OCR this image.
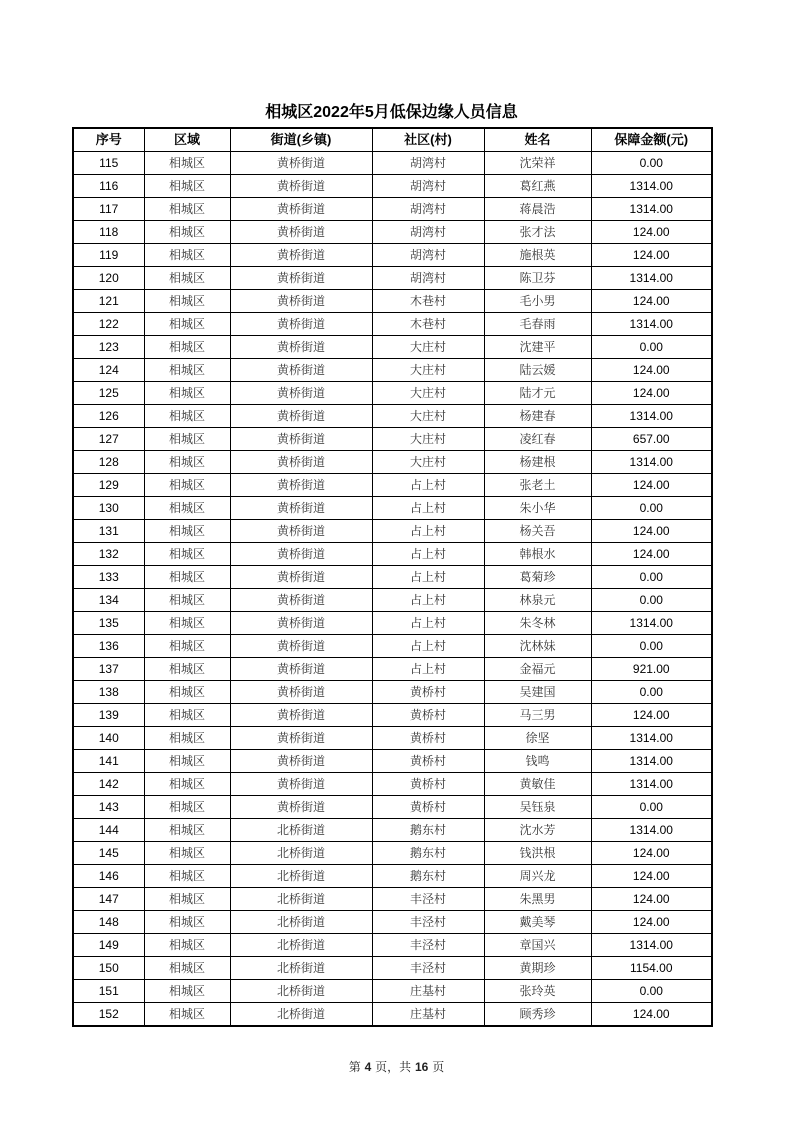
相城区2022年5月低保边缘人员信息
序号	区域	街道(乡镇)	社区(村)	姓名	保障金额(元)
115	相城区	黄桥街道	胡湾村	沈荣祥	0.00
116	相城区	黄桥街道	胡湾村	葛红燕	1314.00
117	相城区	黄桥街道	胡湾村	蒋晨浩	1314.00
118	相城区	黄桥街道	胡湾村	张才法	124.00
119	相城区	黄桥街道	胡湾村	施根英	124.00
120	相城区	黄桥街道	胡湾村	陈卫芬	1314.00
121	相城区	黄桥街道	木巷村	毛小男	124.00
122	相城区	黄桥街道	木巷村	毛春雨	1314.00
123	相城区	黄桥街道	大庄村	沈建平	0.00
124	相城区	黄桥街道	大庄村	陆云媛	124.00
125	相城区	黄桥街道	大庄村	陆才元	124.00
126	相城区	黄桥街道	大庄村	杨建春	1314.00
127	相城区	黄桥街道	大庄村	凌红春	657.00
128	相城区	黄桥街道	大庄村	杨建根	1314.00
129	相城区	黄桥街道	占上村	张老土	124.00
130	相城区	黄桥街道	占上村	朱小华	0.00
131	相城区	黄桥街道	占上村	杨关吾	124.00
132	相城区	黄桥街道	占上村	韩根水	124.00
133	相城区	黄桥街道	占上村	葛菊珍	0.00
134	相城区	黄桥街道	占上村	林泉元	0.00
135	相城区	黄桥街道	占上村	朱冬林	1314.00
136	相城区	黄桥街道	占上村	沈林妹	0.00
137	相城区	黄桥街道	占上村	金福元	921.00
138	相城区	黄桥街道	黄桥村	吴建国	0.00
139	相城区	黄桥街道	黄桥村	马三男	124.00
140	相城区	黄桥街道	黄桥村	徐坚	1314.00
141	相城区	黄桥街道	黄桥村	钱鸣	1314.00
142	相城区	黄桥街道	黄桥村	黄敏佳	1314.00
143	相城区	黄桥街道	黄桥村	吴钰泉	0.00
144	相城区	北桥街道	鹅东村	沈水芳	1314.00
145	相城区	北桥街道	鹅东村	钱洪根	124.00
146	相城区	北桥街道	鹅东村	周兴龙	124.00
147	相城区	北桥街道	丰泾村	朱黑男	124.00
148	相城区	北桥街道	丰泾村	戴美琴	124.00
149	相城区	北桥街道	丰泾村	章国兴	1314.00
150	相城区	北桥街道	丰泾村	黄期珍	1154.00
151	相城区	北桥街道	庄基村	张玲英	0.00
152	相城区	北桥街道	庄基村	顾秀珍	124.00
第 4 页，共 16 页
